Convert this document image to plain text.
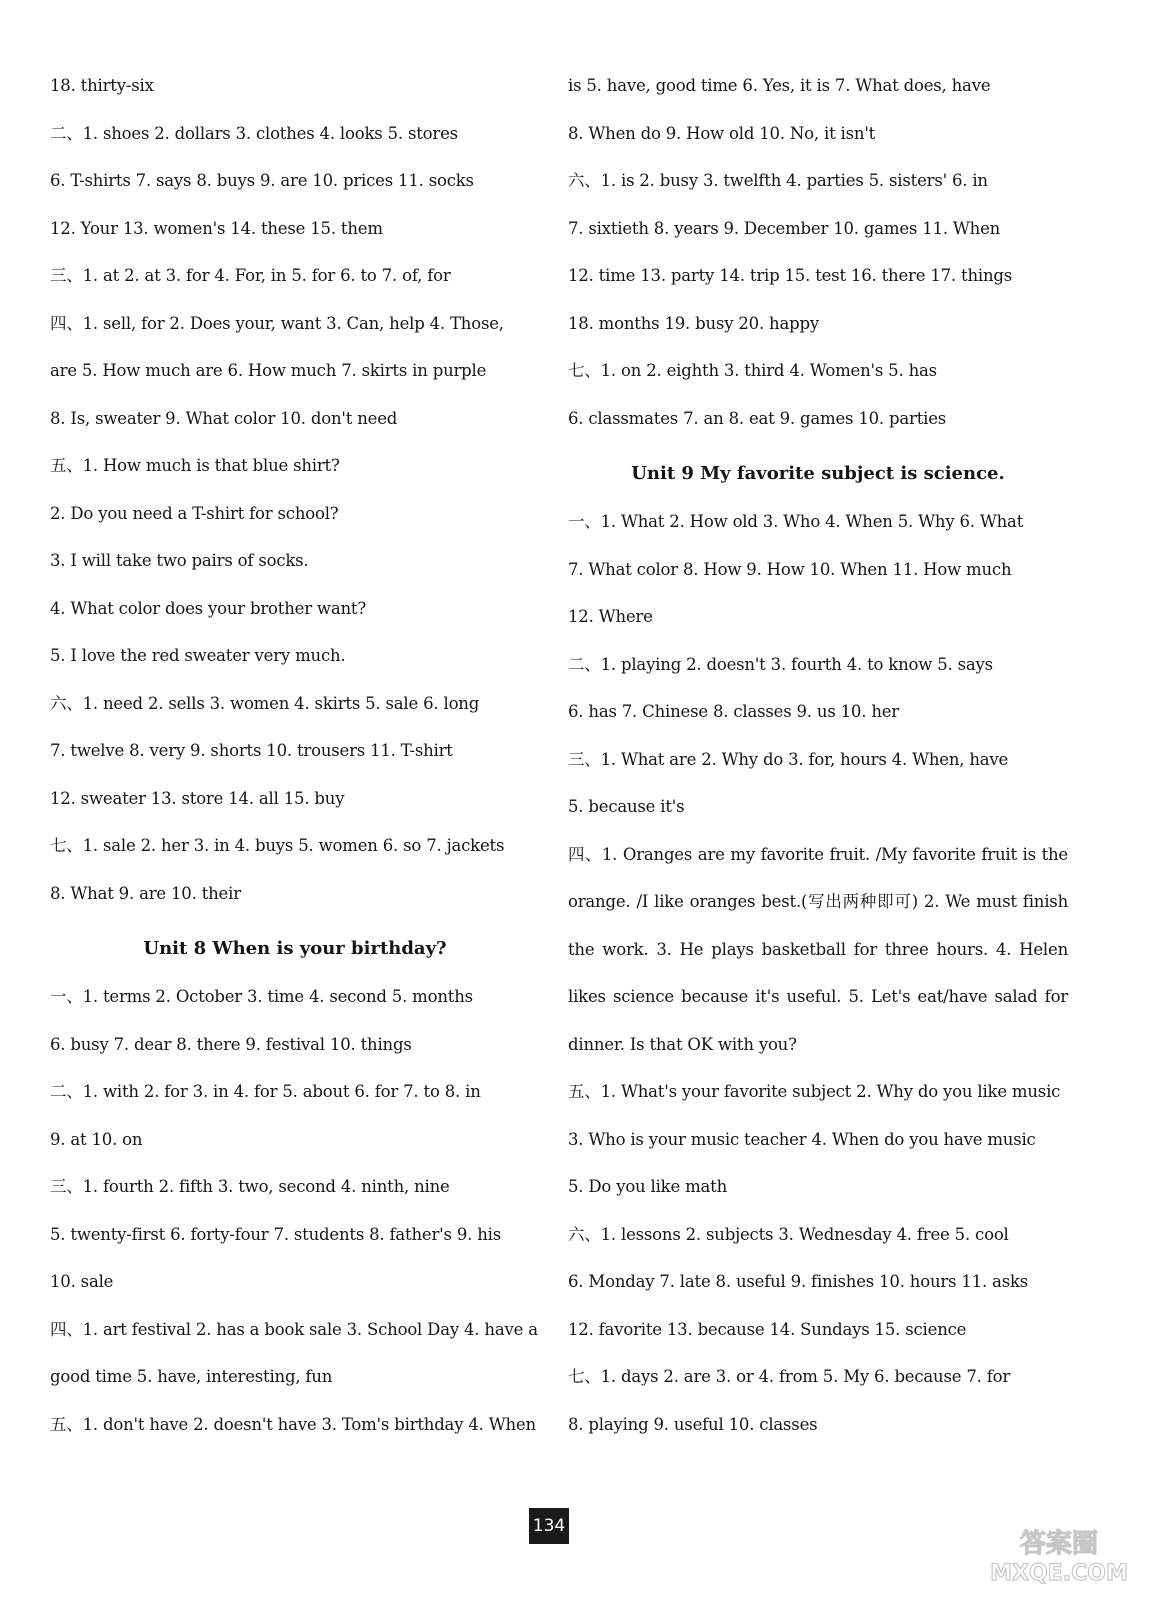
18. thirty-six
二、1. shoes 2. dollars 3. clothes 4. looks 5. stores
6. T-shirts 7. says 8. buys 9. are 10. prices 11. socks
12. Your 13. women's 14. these 15. them
三、1. at 2. at 3. for 4. For, in 5. for 6. to 7. of, for
四、1. sell, for 2. Does your, want 3. Can, help 4. Those,
are 5. How much are 6. How much 7. skirts in purple
8. Is, sweater 9. What color 10. don't need
五、1. How much is that blue shirt?
2. Do you need a T-shirt for school?
3. I will take two pairs of socks.
4. What color does your brother want?
5. I love the red sweater very much.
六、1. need 2. sells 3. women 4. skirts 5. sale 6. long
7. twelve 8. very 9. shorts 10. trousers 11. T-shirt
12. sweater 13. store 14. all 15. buy
七、1. sale 2. her 3. in 4. buys 5. women 6. so 7. jackets
8. What 9. are 10. their
Unit 8 When is your birthday?
一、1. terms 2. October 3. time 4. second 5. months
6. busy 7. dear 8. there 9. festival 10. things
二、1. with 2. for 3. in 4. for 5. about 6. for 7. to 8. in
9. at 10. on
三、1. fourth 2. fifth 3. two, second 4. ninth, nine
5. twenty-first 6. forty-four 7. students 8. father's 9. his
10. sale
四、1. art festival 2. has a book sale 3. School Day 4. have a
good time 5. have, interesting, fun
五、1. don't have 2. doesn't have 3. Tom's birthday 4. When
is 5. have, good time 6. Yes, it is 7. What does, have
8. When do 9. How old 10. No, it isn't
六、1. is 2. busy 3. twelfth 4. parties 5. sisters' 6. in
7. sixtieth 8. years 9. December 10. games 11. When
12. time 13. party 14. trip 15. test 16. there 17. things
18. months 19. busy 20. happy
七、1. on 2. eighth 3. third 4. Women's 5. has
6. classmates 7. an 8. eat 9. games 10. parties
Unit 9 My favorite subject is science.
一、1. What 2. How old 3. Who 4. When 5. Why 6. What
7. What color 8. How 9. How 10. When 11. How much
12. Where
二、1. playing 2. doesn't 3. fourth 4. to know 5. says
6. has 7. Chinese 8. classes 9. us 10. her
三、1. What are 2. Why do 3. for, hours 4. When, have
5. because it's
四、1. Oranges are my favorite fruit. /My favorite fruit is the
orange. /I like oranges best.(写出两种即可) 2. We must finish
the work. 3. He plays basketball for three hours. 4. Helen
likes science because it's useful. 5. Let's eat/have salad for
dinner. Is that OK with you?
五、1. What's your favorite subject 2. Why do you like music
3. Who is your music teacher 4. When do you have music
5. Do you like math
六、1. lessons 2. subjects 3. Wednesday 4. free 5. cool
6. Monday 7. late 8. useful 9. finishes 10. hours 11. asks
12. favorite 13. because 14. Sundays 15. science
七、1. days 2. are 3. or 4. from 5. My 6. because 7. for
8. playing 9. useful 10. classes
134
答案圈
MXQE.COM
